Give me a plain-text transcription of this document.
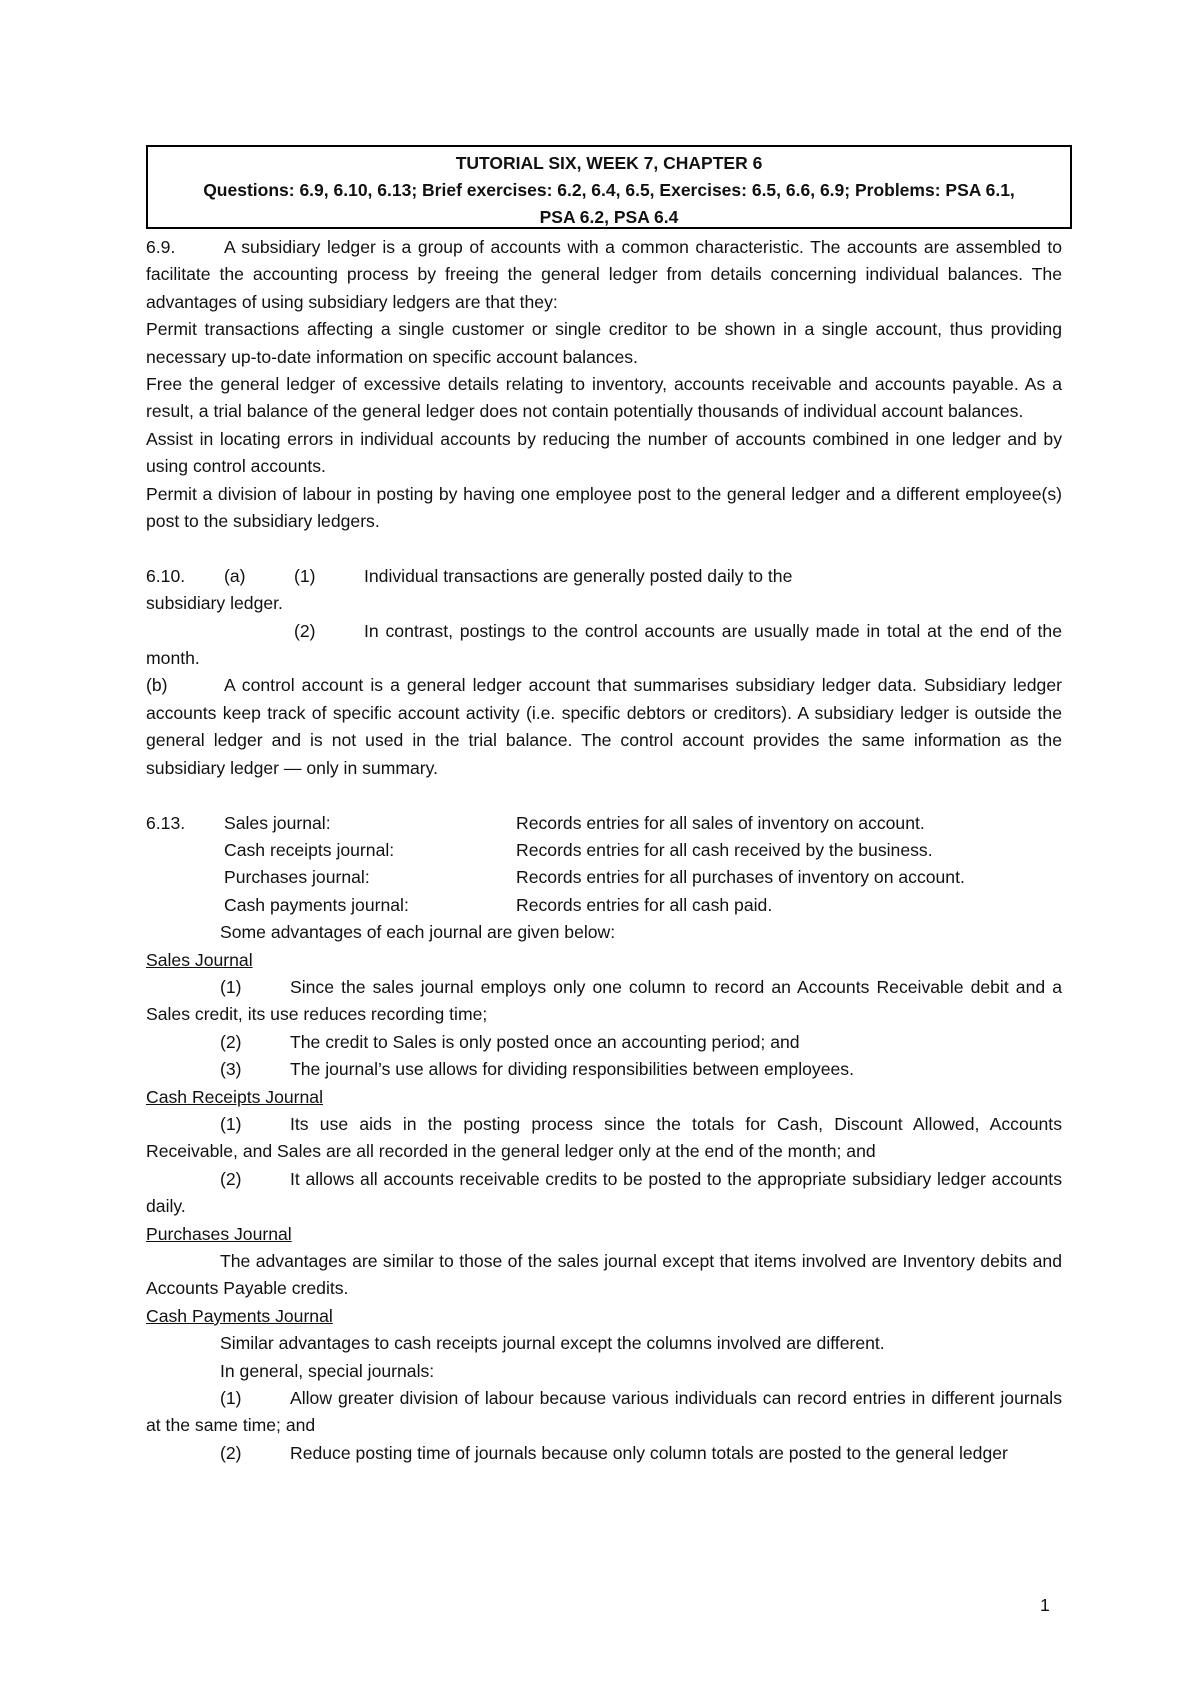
TUTORIAL SIX, WEEK 7, CHAPTER 6
Questions: 6.9, 6.10, 6.13; Brief exercises: 6.2, 6.4, 6.5, Exercises: 6.5, 6.6, 6.9; Problems: PSA 6.1,
PSA 6.2, PSA 6.4

6.9.	A subsidiary ledger is a group of accounts with a common characteristic. The accounts are assembled to facilitate the accounting process by freeing the general ledger from details concerning individual balances. The advantages of using subsidiary ledgers are that they:

Permit transactions affecting a single customer or single creditor to be shown in a single account, thus providing necessary up-to-date information on specific account balances.

Free the general ledger of excessive details relating to inventory, accounts receivable and accounts payable. As a result, a trial balance of the general ledger does not contain potentially thousands of individual account balances.

Assist in locating errors in individual accounts by reducing the number of accounts combined in one ledger and by using control accounts.

Permit a division of labour in posting by having one employee post to the general ledger and a different employee(s) post to the subsidiary ledgers.

6.10. (a)	(1)	Individual transactions are generally posted daily to the

subsidiary ledger.

(2)	In contrast, postings to the control accounts are usually made in total at the end of the month.

(b)	A control account is a general ledger account that summarises subsidiary ledger data. Subsidiary ledger accounts keep track of specific account activity (i.e. specific debtors or creditors). A subsidiary ledger is outside the general ledger and is not used in the trial balance. The control account provides the same information as the subsidiary ledger — only in summary.

6.13. Sales journal:	Records entries for all sales of inventory on account.

Cash receipts journal:	Records entries for all cash received by the business.

Purchases journal:	Records entries for all purchases of inventory on account.

Cash payments journal:	Records entries for all cash paid.

Some advantages of each journal are given below:

Sales Journal

(1)	Since the sales journal employs only one column to record an Accounts Receivable debit and a Sales credit, its use reduces recording time;

(2)	The credit to Sales is only posted once an accounting period; and

(3)	The journal’s use allows for dividing responsibilities between employees.

Cash Receipts Journal

(1)	Its use aids in the posting process since the totals for Cash, Discount Allowed, Accounts Receivable, and Sales are all recorded in the general ledger only at the end of the month; and

(2)	It allows all accounts receivable credits to be posted to the appropriate subsidiary ledger accounts daily.

Purchases Journal

The advantages are similar to those of the sales journal except that items involved are Inventory debits and Accounts Payable credits.

Cash Payments Journal

Similar advantages to cash receipts journal except the columns involved are different.

In general, special journals:

(1)	Allow greater division of labour because various individuals can record entries in different journals at the same time; and

(2)	Reduce posting time of journals because only column totals are posted to the general ledger

1
